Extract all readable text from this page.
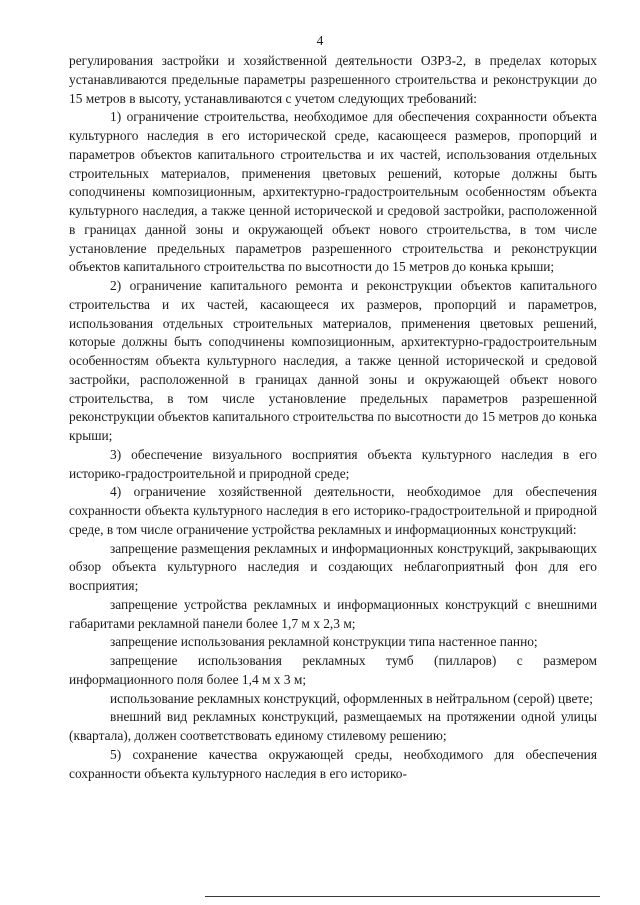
4

регулирования застройки и хозяйственной деятельности ОЗРЗ-2, в пределах которых устанавливаются предельные параметры разрешенного строительства и реконструкции до 15 метров в высоту, устанавливаются с учетом следующих требований:

1) ограничение строительства, необходимое для обеспечения сохранности объекта культурного наследия в его исторической среде, касающееся размеров, пропорций и параметров объектов капитального строительства и их частей, использования отдельных строительных материалов, применения цветовых решений, которые должны быть соподчинены композиционным, архитектурно-градостроительным особенностям объекта культурного наследия, а также ценной исторической и средовой застройки, расположенной в границах данной зоны и окружающей объект нового строительства, в том числе установление предельных параметров разрешенного строительства и реконструкции объектов капитального строительства по высотности до 15 метров до конька крыши;

2) ограничение капитального ремонта и реконструкции объектов капитального строительства и их частей, касающееся их размеров, пропорций и параметров, использования отдельных строительных материалов, применения цветовых решений, которые должны быть соподчинены композиционным, архитектурно-градостроительным особенностям объекта культурного наследия, а также ценной исторической и средовой застройки, расположенной в границах данной зоны и окружающей объект нового строительства, в том числе установление предельных параметров разрешенной реконструкции объектов капитального строительства по высотности до 15 метров до конька крыши;

3) обеспечение визуального восприятия объекта культурного наследия в его историко-градостроительной и природной среде;

4) ограничение хозяйственной деятельности, необходимое для обеспечения сохранности объекта культурного наследия в его историко-градостроительной и природной среде, в том числе ограничение устройства рекламных и информационных конструкций:

запрещение размещения рекламных и информационных конструкций, закрывающих обзор объекта культурного наследия и создающих неблагоприятный фон для его восприятия;

запрещение устройства рекламных и информационных конструкций с внешними габаритами рекламной панели более 1,7 м х 2,3 м;

запрещение использования рекламной конструкции типа настенное панно;

запрещение использования рекламных тумб (пилларов) с размером информационного поля более 1,4 м х 3 м;

использование рекламных конструкций, оформленных в нейтральном (серой) цвете;

внешний вид рекламных конструкций, размещаемых на протяжении одной улицы (квартала), должен соответствовать единому стилевому решению;

5) сохранение качества окружающей среды, необходимого для обеспечения сохранности объекта культурного наследия в его историко-
